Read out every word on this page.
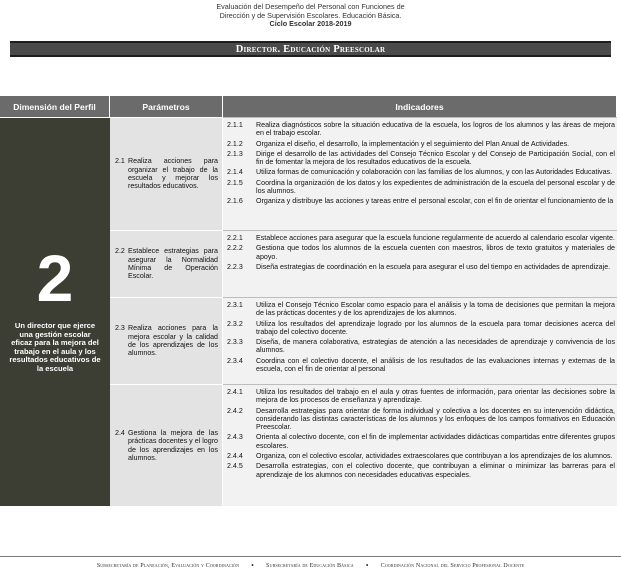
Evaluación del Desempeño del Personal con Funciones de
Dirección y de Supervisión Escolares. Educación Básica.
Ciclo Escolar 2018-2019
Director. Educación Preescolar
Dimensión del Perfil	Parámetros	Indicadores
2
Un director que ejerce una gestión escolar eficaz para la mejora del trabajo en el aula y los resultados educativos de la escuela
2.1 Realiza acciones para organizar el trabajo de la escuela y mejorar los resultados educativos.
2.1.1	Realiza diagnósticos sobre la situación educativa de la escuela, los logros de los alumnos y las áreas de mejora en el trabajo escolar.
2.1.2	Organiza el diseño, el desarrollo, la implementación y el seguimiento del Plan Anual de Actividades.
2.1.3	Dirige el desarrollo de las actividades del Consejo Técnico Escolar y del Consejo de Participación Social, con el fin de fomentar la mejora de los resultados educativos de la escuela.
2.1.4	Utiliza formas de comunicación y colaboración con las familias de los alumnos, y con las Autoridades Educativas.
2.1.5	Coordina la organización de los datos y los expedientes de administración de la escuela del personal escolar y de los alumnos.
2.1.6	Organiza y distribuye las acciones y tareas entre el personal escolar, con el fin de orientar el funcionamiento de la
2.2 Establece estrategias para asegurar la Normalidad Mínima de Operación Escolar.
2.2.1	Establece acciones para asegurar que la escuela funcione regularmente de acuerdo al calendario escolar vigente.
2.2.2	Gestiona que todos los alumnos de la escuela cuenten con maestros, libros de texto gratuitos y materiales de apoyo.
2.2.3	Diseña estrategias de coordinación en la escuela para asegurar el uso del tiempo en actividades de aprendizaje.
2.3 Realiza acciones para la mejora escolar y la calidad de los aprendizajes de los alumnos.
2.3.1	Utiliza el Consejo Técnico Escolar como espacio para el análisis y la toma de decisiones que permitan la mejora de las prácticas docentes y de los aprendizajes de los alumnos.
2.3.2	Utiliza los resultados del aprendizaje logrado por los alumnos de la escuela para tomar decisiones acerca del trabajo del colectivo docente.
2.3.3	Diseña, de manera colaborativa, estrategias de atención a las necesidades de aprendizaje y convivencia de los alumnos.
2.3.4	Coordina con el colectivo docente, el análisis de los resultados de las evaluaciones internas y externas de la escuela, con el fin de orientar al personal
2.4 Gestiona la mejora de las prácticas docentes y el logro de los aprendizajes en los alumnos.
2.4.1	Utiliza los resultados del trabajo en el aula y otras fuentes de información, para orientar las decisiones sobre la mejora de los procesos de enseñanza y aprendizaje.
2.4.2	Desarrolla estrategias para orientar de forma individual y colectiva a los docentes en su intervención didáctica, considerando las distintas características de los alumnos y los enfoques de los campos formativos en Educación Preescolar.
2.4.3	Orienta al colectivo docente, con el fin de implementar actividades didácticas compartidas entre diferentes grupos escolares.
2.4.4	Organiza, con el colectivo escolar, actividades extraescolares que contribuyan a los aprendizajes de los alumnos.
2.4.5	Desarrolla estrategias, con el colectivo docente, que contribuyan a eliminar o minimizar las barreras para el aprendizaje de los alumnos con necesidades educativas especiales.
Subsecretaría de Planeación, Evaluación y Coordinación • Subsecretaría de Educación Básica • Coordinación Nacional del Servicio Profesional Docente
